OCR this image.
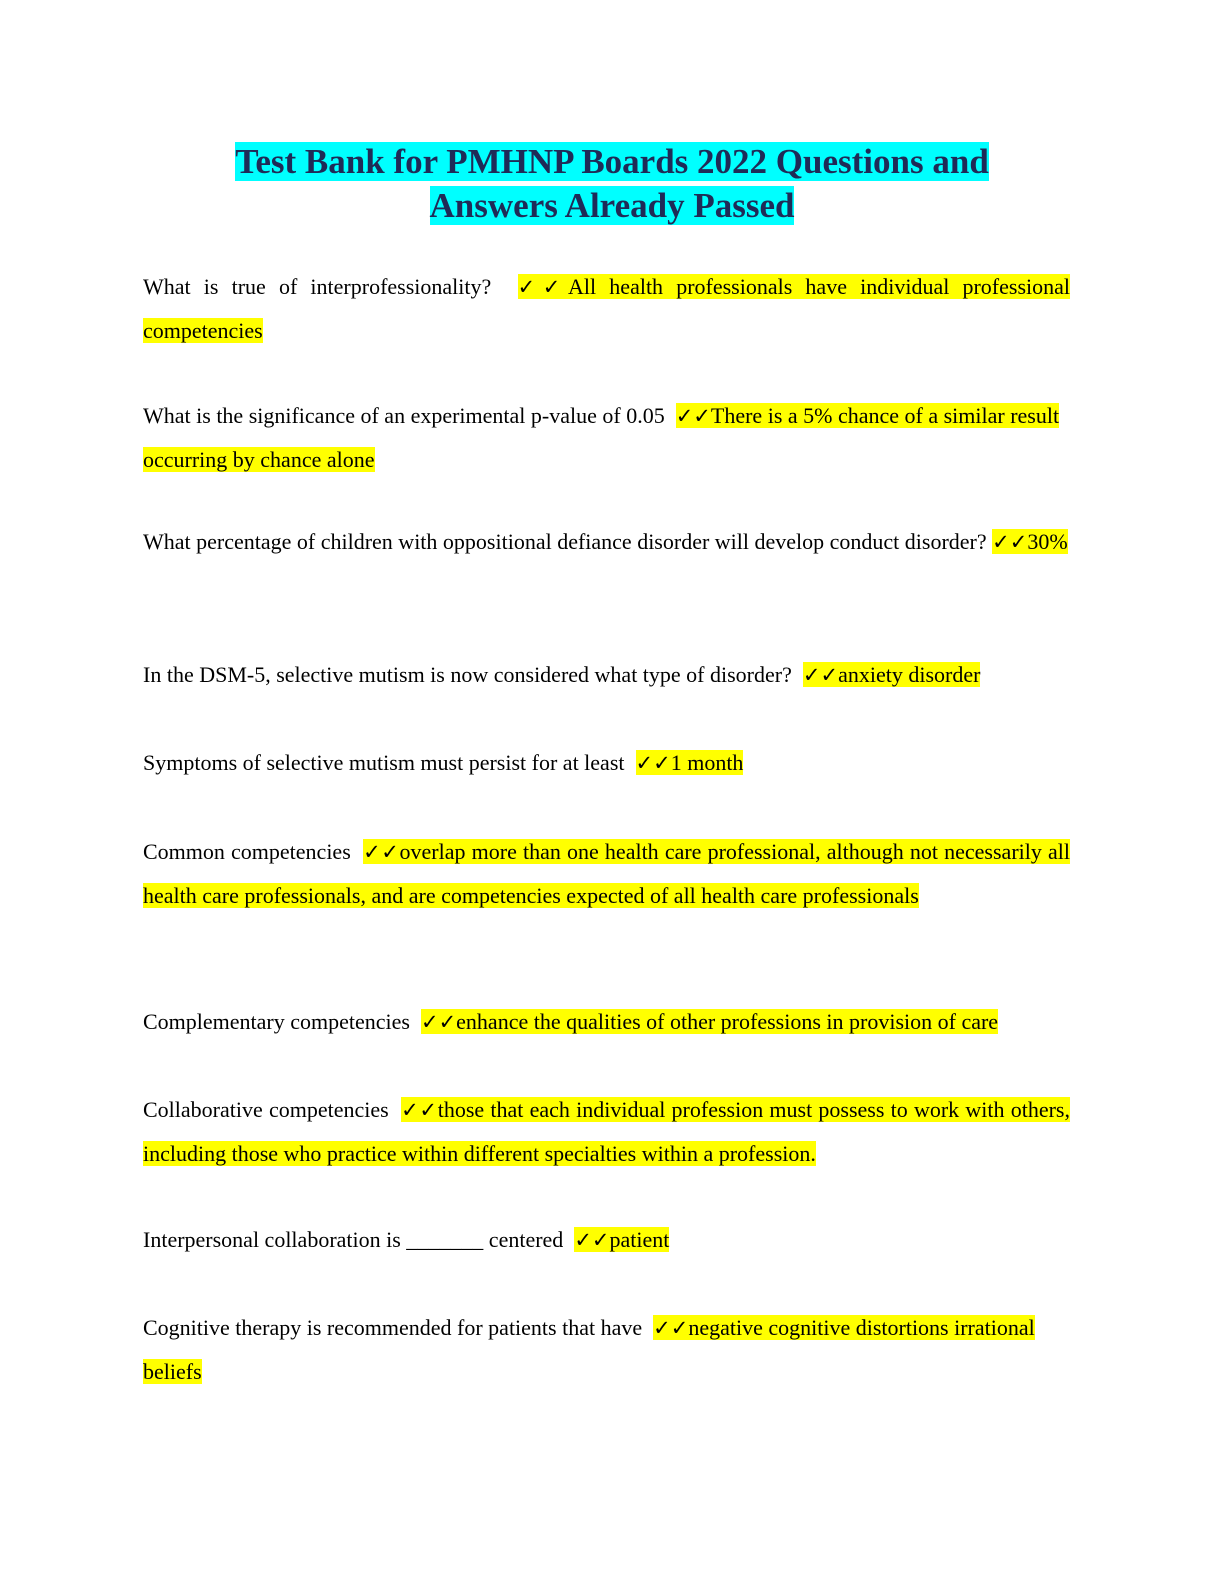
Test Bank for PMHNP Boards 2022 Questions and
Answers Already Passed

What is true of interprofessionality? ✓✓All health professionals have individual professional competencies

What is the significance of an experimental p-value of 0.05 ✓✓There is a 5% chance of a similar result occurring by chance alone

What percentage of children with oppositional defiance disorder will develop conduct disorder? ✓✓30%

In the DSM-5, selective mutism is now considered what type of disorder? ✓✓anxiety disorder

Symptoms of selective mutism must persist for at least ✓✓1 month

Common competencies ✓✓overlap more than one health care professional, although not necessarily all health care professionals, and are competencies expected of all health care professionals

Complementary competencies ✓✓enhance the qualities of other professions in provision of care

Collaborative competencies ✓✓those that each individual profession must possess to work with others, including those who practice within different specialties within a profession.

Interpersonal collaboration is _______ centered ✓✓patient

Cognitive therapy is recommended for patients that have ✓✓negative cognitive distortions irrational beliefs
